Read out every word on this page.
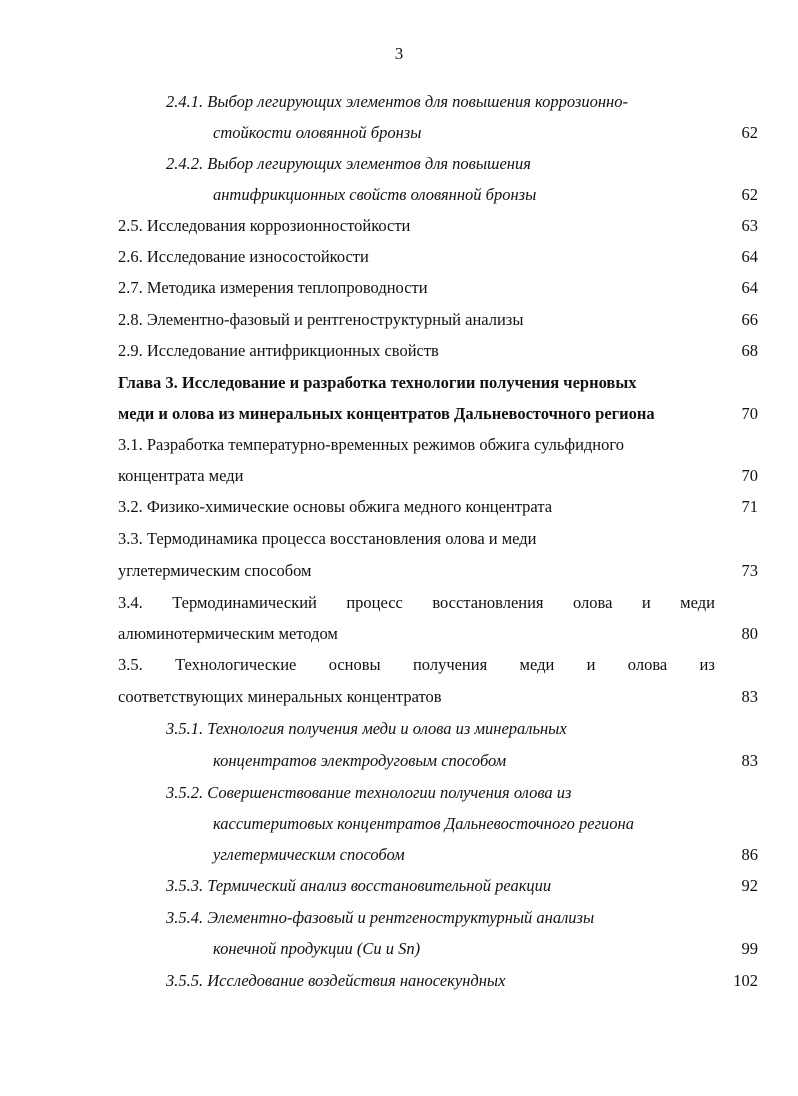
3
2.4.1. Выбор легирующих элементов для повышения коррозионно-
стойкости оловянной бронзы	62
2.4.2. Выбор легирующих элементов для повышения
антифрикционных свойств оловянной бронзы	62
2.5. Исследования коррозионностойкости	63
2.6. Исследование износостойкости	64
2.7. Методика измерения теплопроводности	64
2.8. Элементно-фазовый и рентгеноструктурный анализы	66
2.9. Исследование антифрикционных свойств	68
Глава 3. Исследование и разработка технологии получения черновых
меди и олова из минеральных концентратов Дальневосточного региона	70
3.1. Разработка температурно-временных режимов обжига сульфидного
концентрата меди	70
3.2. Физико-химические основы обжига медного концентрата	71
3.3. Термодинамика процесса восстановления олова и меди
углетермическим способом	73
3.4. Термодинамический процесс восстановления олова и меди
алюминотермическим методом	80
3.5. Технологические основы получения меди и олова из
соответствующих минеральных концентратов	83
3.5.1. Технология получения меди и олова из минеральных
концентратов электродуговым способом	83
3.5.2. Совершенствование технологии получения олова из
касситеритовых концентратов Дальневосточного региона
углетермическим способом	86
3.5.3. Термический анализ восстановительной реакции	92
3.5.4. Элементно-фазовый и рентгеноструктурный анализы
конечной продукции (Cu и Sn)	99
3.5.5. Исследование воздействия наносекундных	102
